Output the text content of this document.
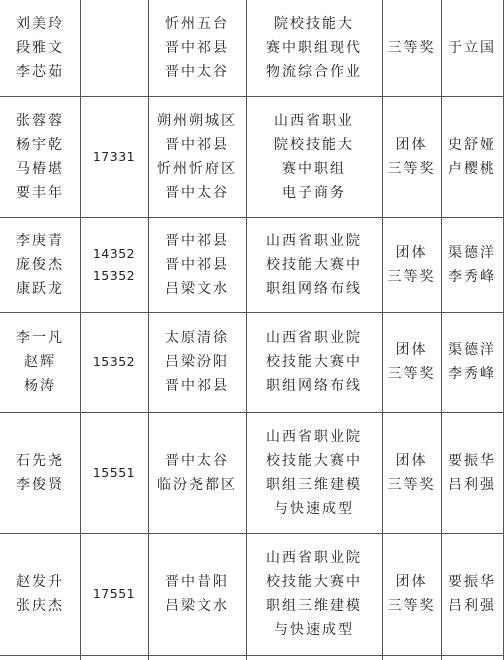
刘美玲
段雅文
李芯茹
忻州五台
晋中祁县
晋中太谷
院校技能大
赛中职组现代
物流综合作业
三等奖 于立国
张蓉蓉
杨宇乾
马椿堪
要丰年
17331
朔州朔城区
晋中祁县
忻州忻府区
晋中太谷
山西省职业
院校技能大
赛中职组
电子商务
团体
三等奖
史舒娅
卢樱桃
李庚青
庞俊杰
康跃龙
14352
15352
晋中祁县
晋中祁县
吕梁文水
山西省职业院
校技能大赛中
职组网络布线
团体
三等奖
渠德洋
李秀峰
李一凡
赵辉
杨涛
15352
太原清徐
吕梁汾阳
晋中祁县
山西省职业院
校技能大赛中
职组网络布线
团体
三等奖
渠德洋
李秀峰
石先尧
李俊贤
15551
晋中太谷
临汾尧都区
山西省职业院
校技能大赛中
职组三维建模
与快速成型
团体
三等奖
要振华
吕利强
赵发升
张庆杰
17551
晋中昔阳
吕梁文水
山西省职业院
校技能大赛中
职组三维建模
与快速成型
团体
三等奖
要振华
吕利强
